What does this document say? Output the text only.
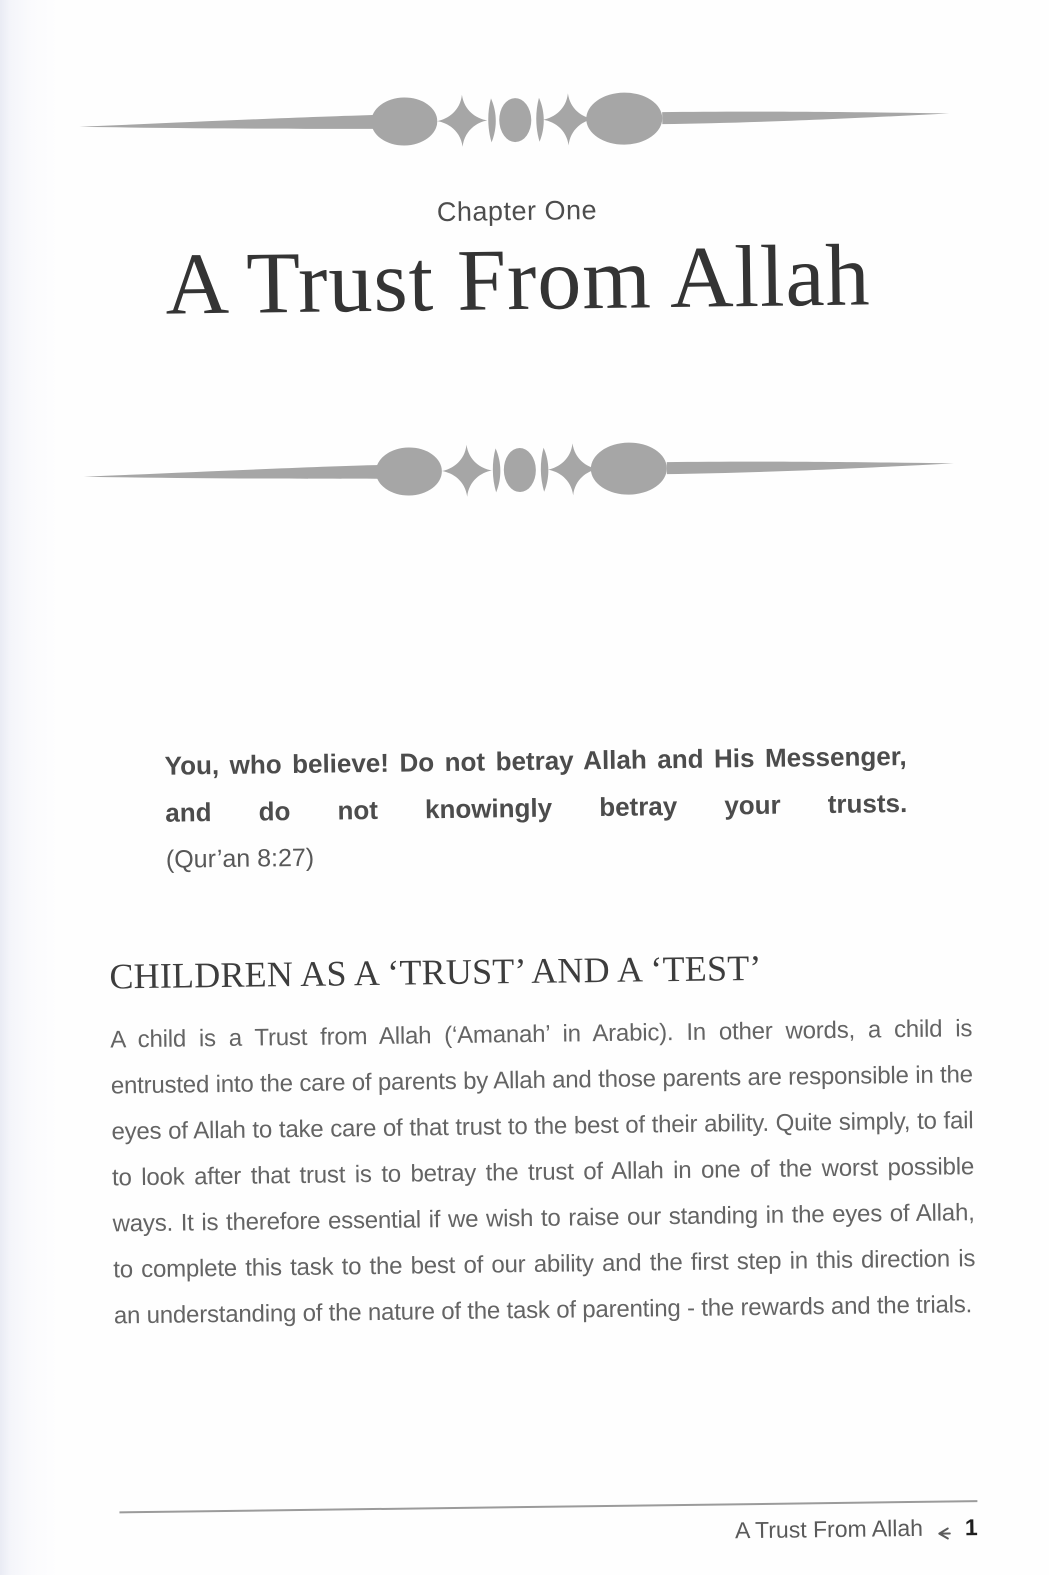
Chapter One
A Trust From Allah

You, who believe! Do not betray Allah and His Messenger, and do not knowingly betray your trusts.

(Qur’an 8:27)

CHILDREN AS A ‘TRUST’ AND A ‘TEST’

A child is a Trust from Allah (‘Amanah’ in Arabic). In other words, a child is entrusted into the care of parents by Allah and those parents are responsible in the eyes of Allah to take care of that trust to the best of their ability. Quite simply, to fail to look after that trust is to betray the trust of Allah in one of the worst possible ways. It is therefore essential if we wish to raise our standing in the eyes of Allah, to complete this task to the best of our ability and the first step in this direction is an understanding of the nature of the task of parenting - the rewards and the trials.

A Trust From Allah 1
